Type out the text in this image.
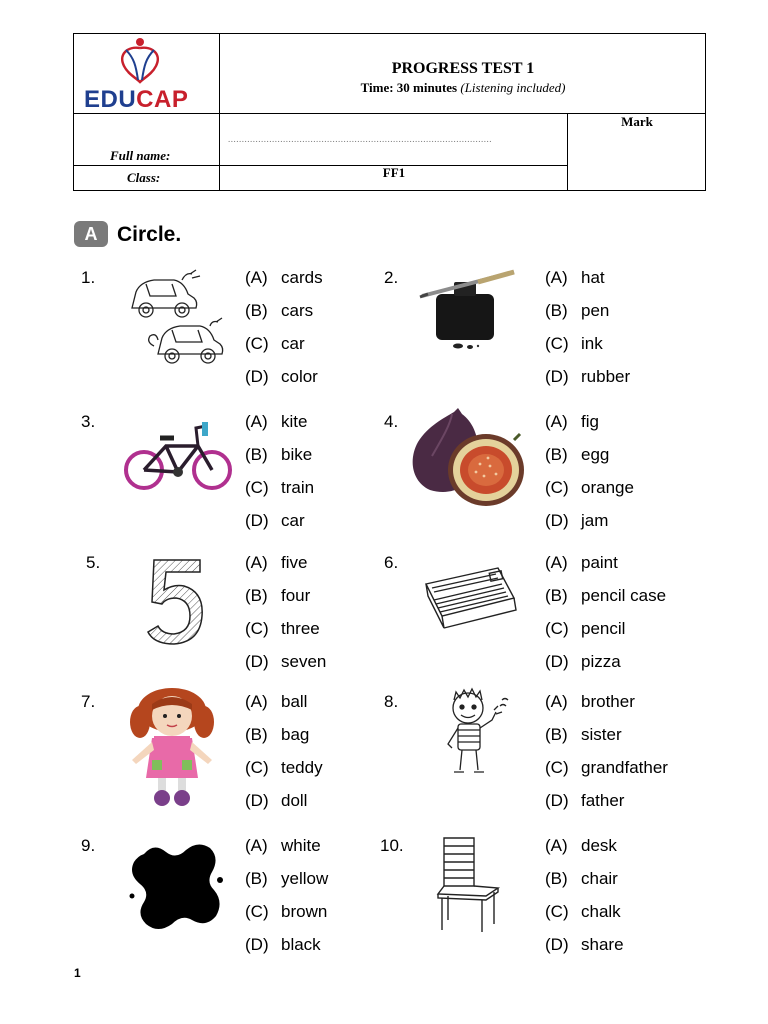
EDUCAP
PROGRESS TEST 1
Time: 30 minutes (Listening included)
Full name:
................................................................................................
Mark
Class:	FF1
A Circle.
1.	(A) cards
(B) cars
(C) car
(D) color
2.	(A) hat
(B) pen
(C) ink
(D) rubber
3.	(A) kite
(B) bike
(C) train
(D) car
4.	(A) fig
(B) egg
(C) orange
(D) jam
5.	(A) five
(B) four
(C) three
(D) seven
6.	(A) paint
(B) pencil case
(C) pencil
(D) pizza
7.	(A) ball
(B) bag
(C) teddy
(D) doll
8.	(A) brother
(B) sister
(C) grandfather
(D) father
9.	(A) white
(B) yellow
(C) brown
(D) black
10.	(A) desk
(B) chair
(C) chalk
(D) share
1
